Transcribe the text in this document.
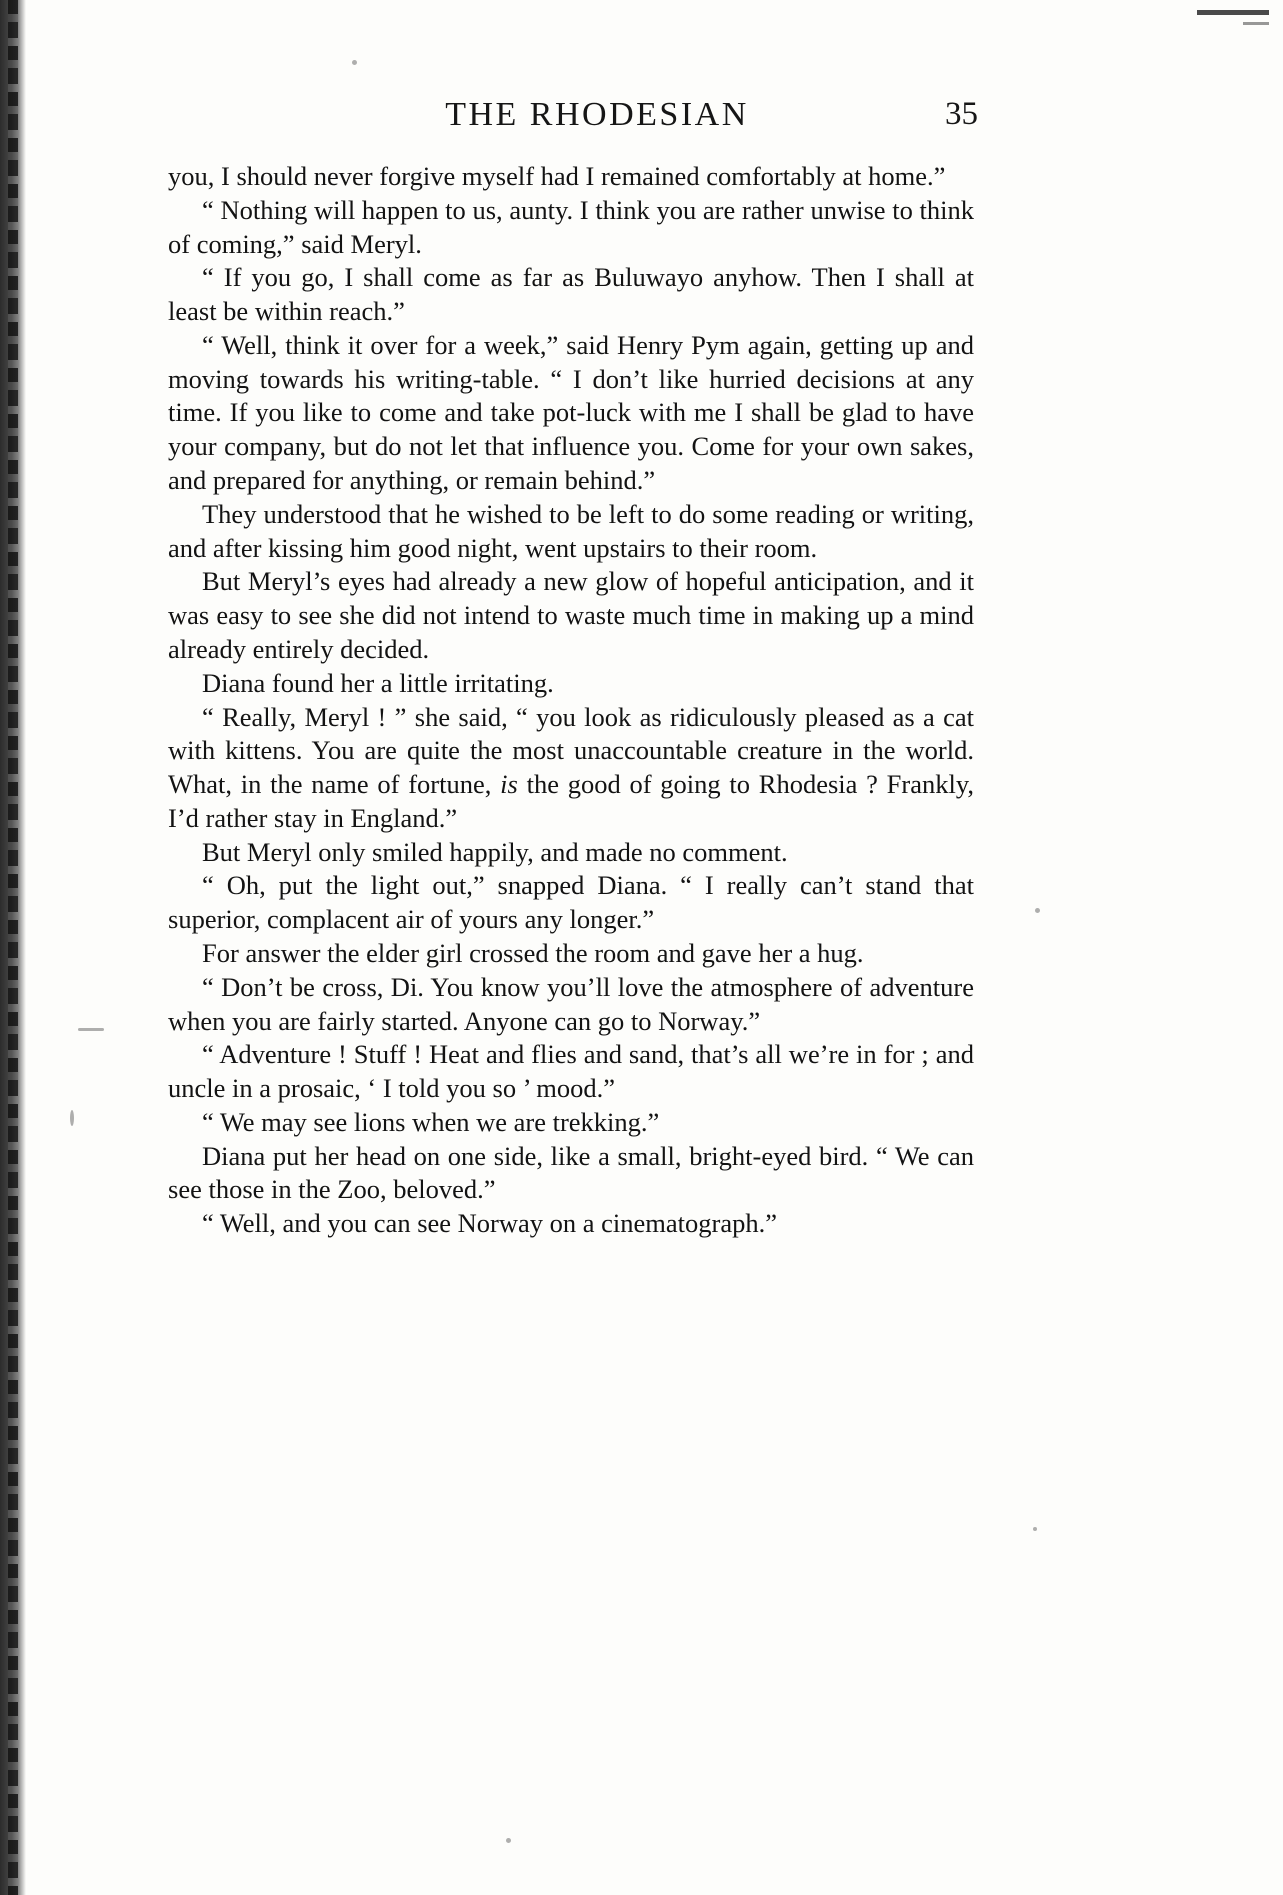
THE RHODESIAN	35

you, I should never forgive myself had I remained comfortably at home.”

“ Nothing will happen to us, aunty. I think you are rather unwise to think of coming,” said Meryl.

“ If you go, I shall come as far as Buluwayo anyhow. Then I shall at least be within reach.”

“ Well, think it over for a week,” said Henry Pym again, getting up and moving towards his writing-table. “ I don’t like hurried decisions at any time. If you like to come and take pot-luck with me I shall be glad to have your company, but do not let that influence you. Come for your own sakes, and prepared for anything, or remain behind.”

They understood that he wished to be left to do some reading or writing, and after kissing him good night, went upstairs to their room.

But Meryl’s eyes had already a new glow of hopeful anticipation, and it was easy to see she did not intend to waste much time in making up a mind already entirely decided.

Diana found her a little irritating.

“ Really, Meryl ! ” she said, “ you look as ridiculously pleased as a cat with kittens. You are quite the most unaccountable creature in the world. What, in the name of fortune, is the good of going to Rhodesia ? Frankly, I’d rather stay in England.”

But Meryl only smiled happily, and made no comment.

“ Oh, put the light out,” snapped Diana. “ I really can’t stand that superior, complacent air of yours any longer.”

For answer the elder girl crossed the room and gave her a hug.

“ Don’t be cross, Di. You know you’ll love the atmosphere of adventure when you are fairly started. Anyone can go to Norway.”

“ Adventure ! Stuff ! Heat and flies and sand, that’s all we’re in for ; and uncle in a prosaic, ‘ I told you so ’ mood.”

“ We may see lions when we are trekking.”

Diana put her head on one side, like a small, bright-eyed bird. “ We can see those in the Zoo, beloved.”

“ Well, and you can see Norway on a cinematograph.”
